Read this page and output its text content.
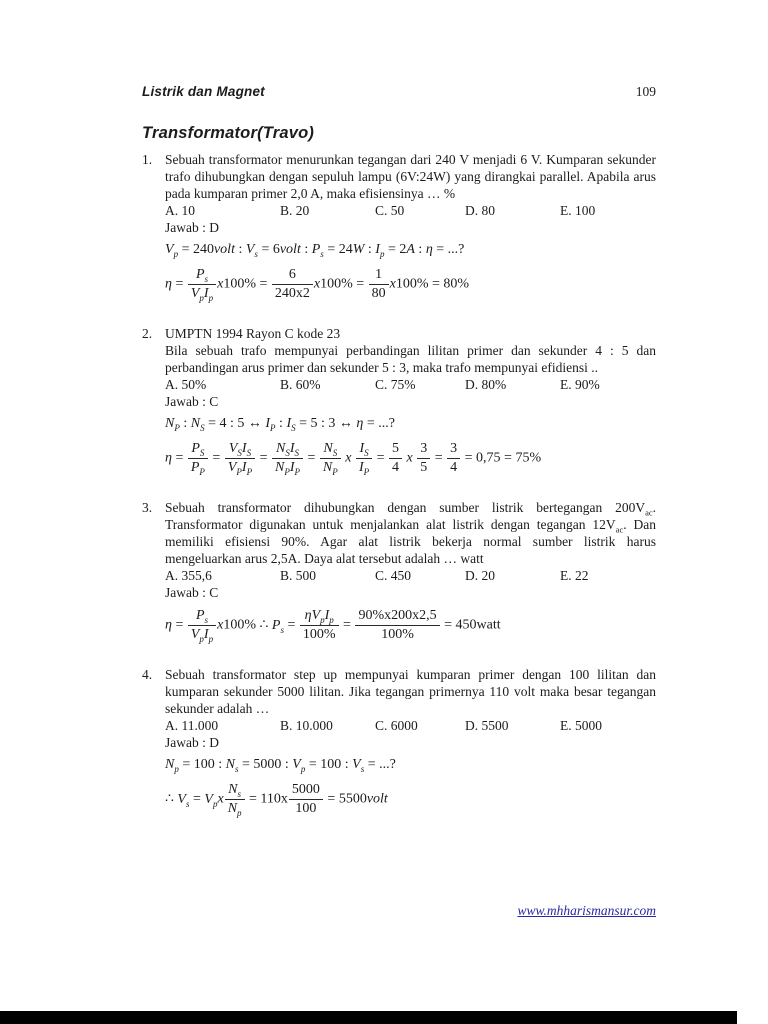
Listrik dan Magnet	109
Transformator(Travo)
1. Sebuah transformator menurunkan tegangan dari 240 V menjadi 6 V. Kumparan sekunder trafo dihubungkan dengan sepuluh lampu (6V:24W) yang dirangkai parallel. Apabila arus pada kumparan primer 2,0 A, maka efisiensinya … %
A. 10	B. 20	C. 50	D. 80	E. 100
Jawab : D
$V_p$ = 240volt : $V_s$ = 6volt : $P_s = 24W$ : $I_p = 2A$ : η = ...?
$\eta = \frac{P_s}{V_pI_p} x100\% = \frac{6}{240x2} x100\% = \frac{1}{80} x100\% = 80\%$
2. UMPTN 1994 Rayon C kode 23
Bila sebuah trafo mempunyai perbandingan lilitan primer dan sekunder 4 : 5 dan perbandingan arus primer dan sekunder 5 : 3, maka trafo mempunyai efidiensi ..
A. 50%	B. 60%	C. 75%	D. 80%	E. 90%
Jawab : C
$N_P$ : $N_S = 4$ : 5 ↔ $I_P$ : $I_S = 5$ : 3 ↔ η = ...?
$\eta = \frac{P_S}{P_P} = \frac{V_SI_S}{V_PI_P} = \frac{N_SI_S}{N_PI_P} = \frac{N_S}{N_P}$ x $\frac{I_S}{I_P} = \frac{5}{4}$ x $\frac{3}{5} = \frac{3}{4} = 0,75 = 75\%$
3. Sebuah transformator dihubungkan dengan sumber listrik bertegangan $200V_{ac}$. Transformator digunakan untuk menjalankan alat listrik dengan tegangan $12V_{ac}$. Dan memiliki efisiensi 90%. Agar alat listrik bekerja normal sumber listrik harus mengeluarkan arus 2,5A. Daya alat tersebut adalah … watt
A. 355,6	B. 500	C. 450	D. 20	E. 22
Jawab : C
$\eta = \frac{P_s}{V_pI_p} x100\%$ ∴ $P_s = \frac{\eta V_pI_p}{100\%} = \frac{90\%x200x2,5}{100\%}$ = 450watt
4. Sebuah transformator step up mempunyai kumparan primer dengan 100 lilitan dan kumparan sekunder 5000 lilitan. Jika tegangan primernya 110 volt maka besar tegangan sekunder adalah …
A. 11.000	B. 10.000	C. 6000	D. 5500	E. 5000
Jawab : D
$N_p = 100$ : $N_s = 5000$ : $V_p = 100$ : $V_s$ = ...?
∴ $V_s = V_px \frac{N_s}{N_p} = 110x \frac{5000}{100}$ = 5500volt
www.mhharismansur.com
